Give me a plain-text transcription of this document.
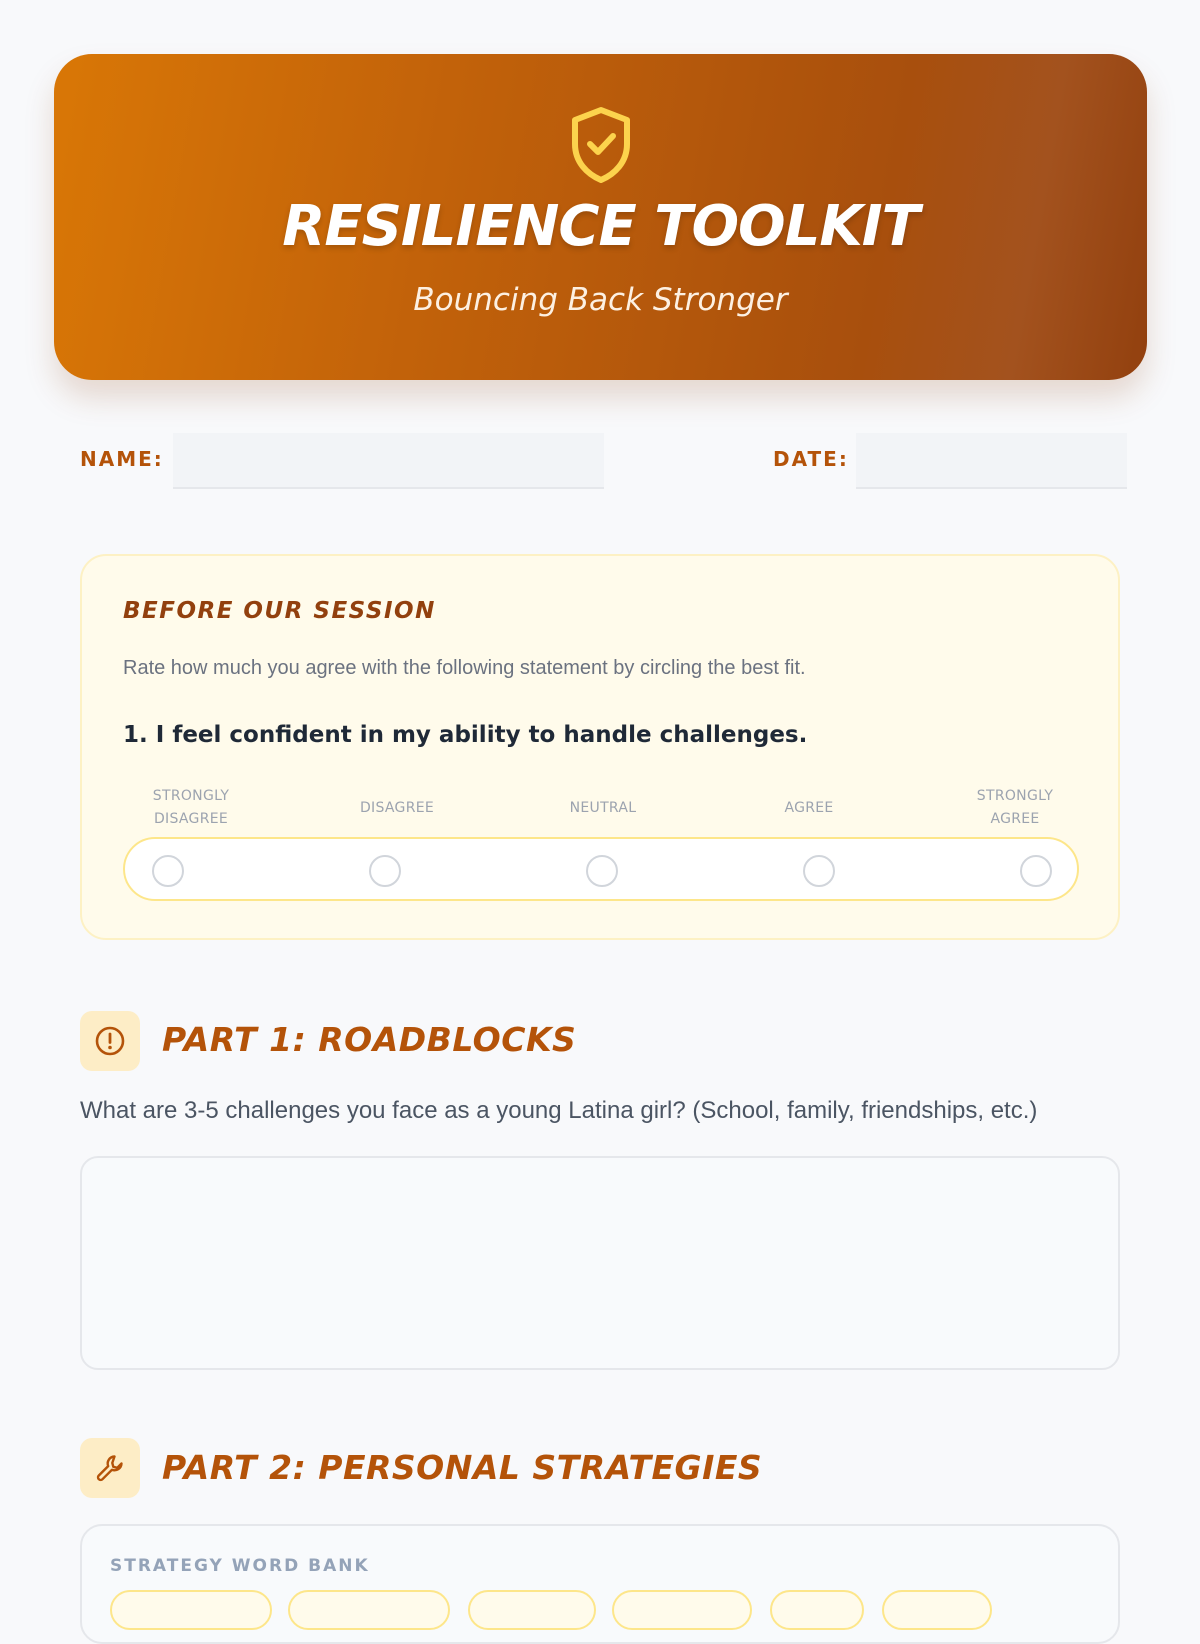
RESILIENCE TOOLKIT
Bouncing Back Stronger
NAME:	DATE:
BEFORE OUR SESSION
Rate how much you agree with the following statement by circling the best fit.
1. I feel confident in my ability to handle challenges.
STRONGLY
DISAGREE
DISAGREE	NEUTRAL	AGREE
STRONGLY
AGREE
PART 1: ROADBLOCKS
What are 3-5 challenges you face as a young Latina girl? (School, family, friendships, etc.)
PART 2: PERSONAL STRATEGIES
STRATEGY WORD BANK
